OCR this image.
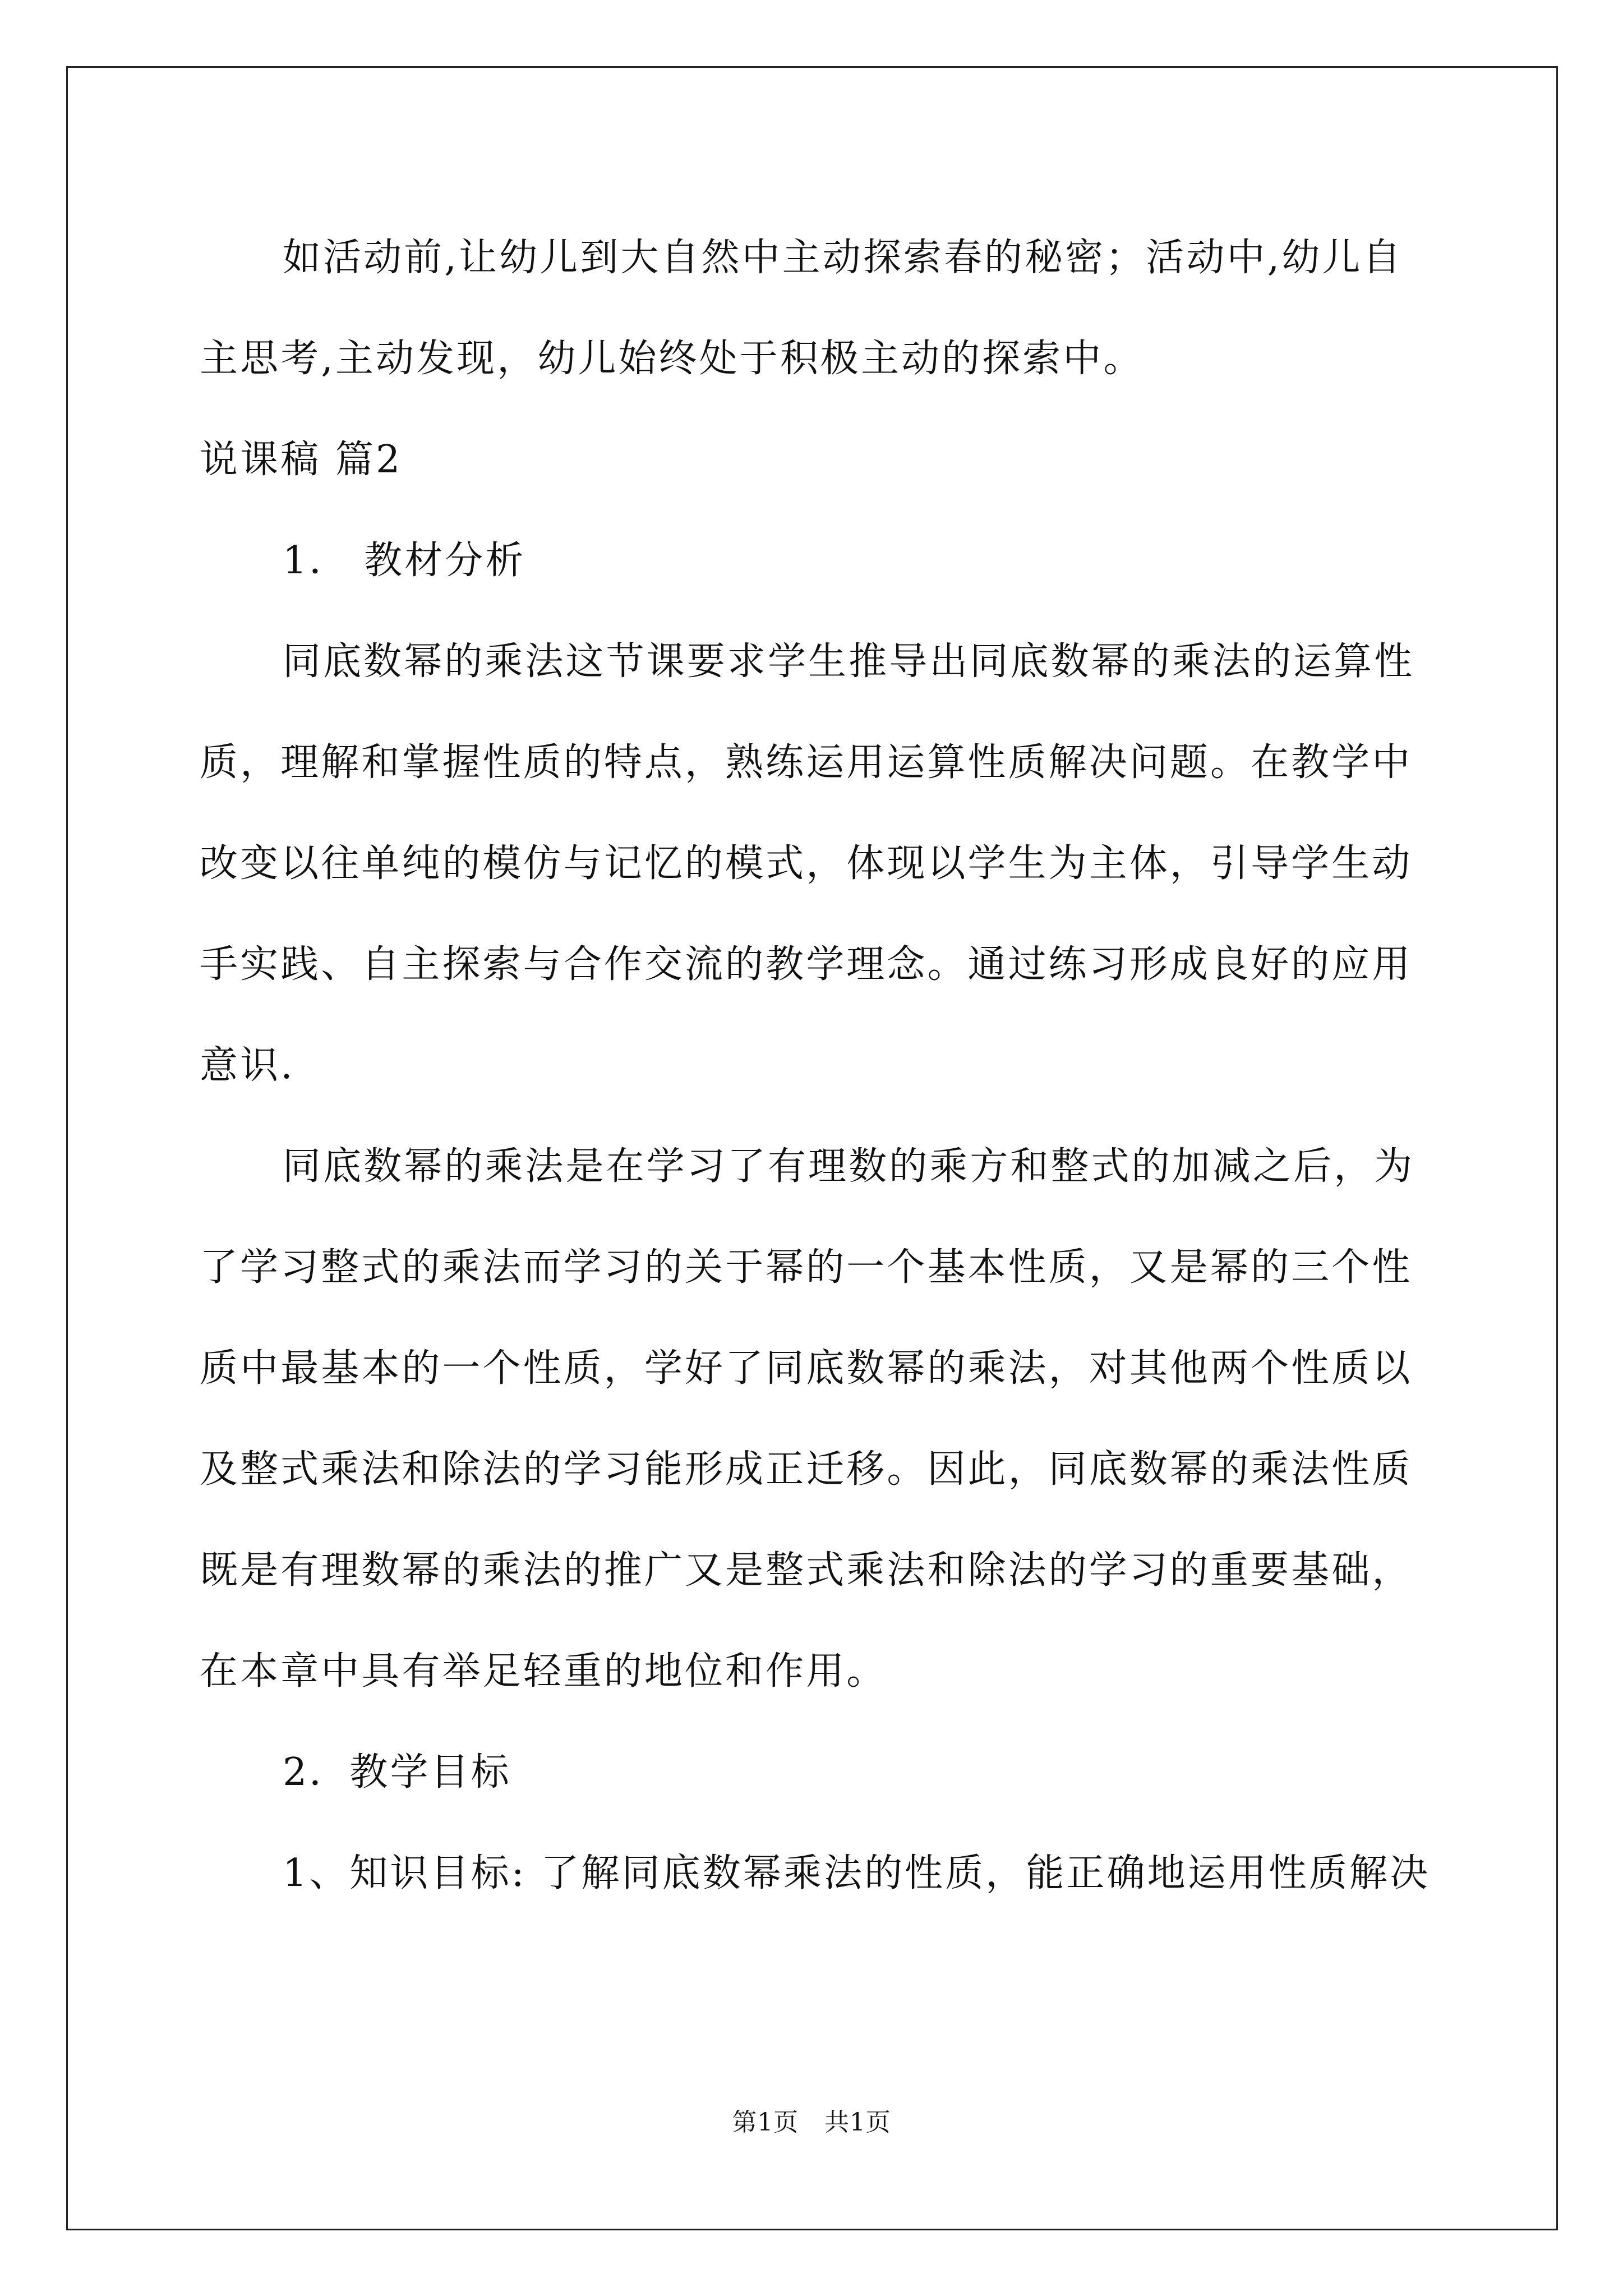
如活动前,让幼儿到大自然中主动探索春的秘密；活动中,幼儿自
主思考,主动发现，幼儿始终处于积极主动的探索中。
说课稿 篇2
1． 教材分析
同底数幂的乘法这节课要求学生推导出同底数幂的乘法的运算性
质，理解和掌握性质的特点，熟练运用运算性质解决问题。在教学中
改变以往单纯的模仿与记忆的模式，体现以学生为主体，引导学生动
手实践、自主探索与合作交流的教学理念。通过练习形成良好的应用
意识.
同底数幂的乘法是在学习了有理数的乘方和整式的加减之后，为
了学习整式的乘法而学习的关于幂的一个基本性质，又是幂的三个性
质中最基本的一个性质，学好了同底数幂的乘法，对其他两个性质以
及整式乘法和除法的学习能形成正迁移。因此，同底数幂的乘法性质
既是有理数幂的乘法的推广又是整式乘法和除法的学习的重要基础，
在本章中具有举足轻重的地位和作用。
2．教学目标
1、知识目标: 了解同底数幂乘法的性质，能正确地运用性质解决
第1页 共1页
